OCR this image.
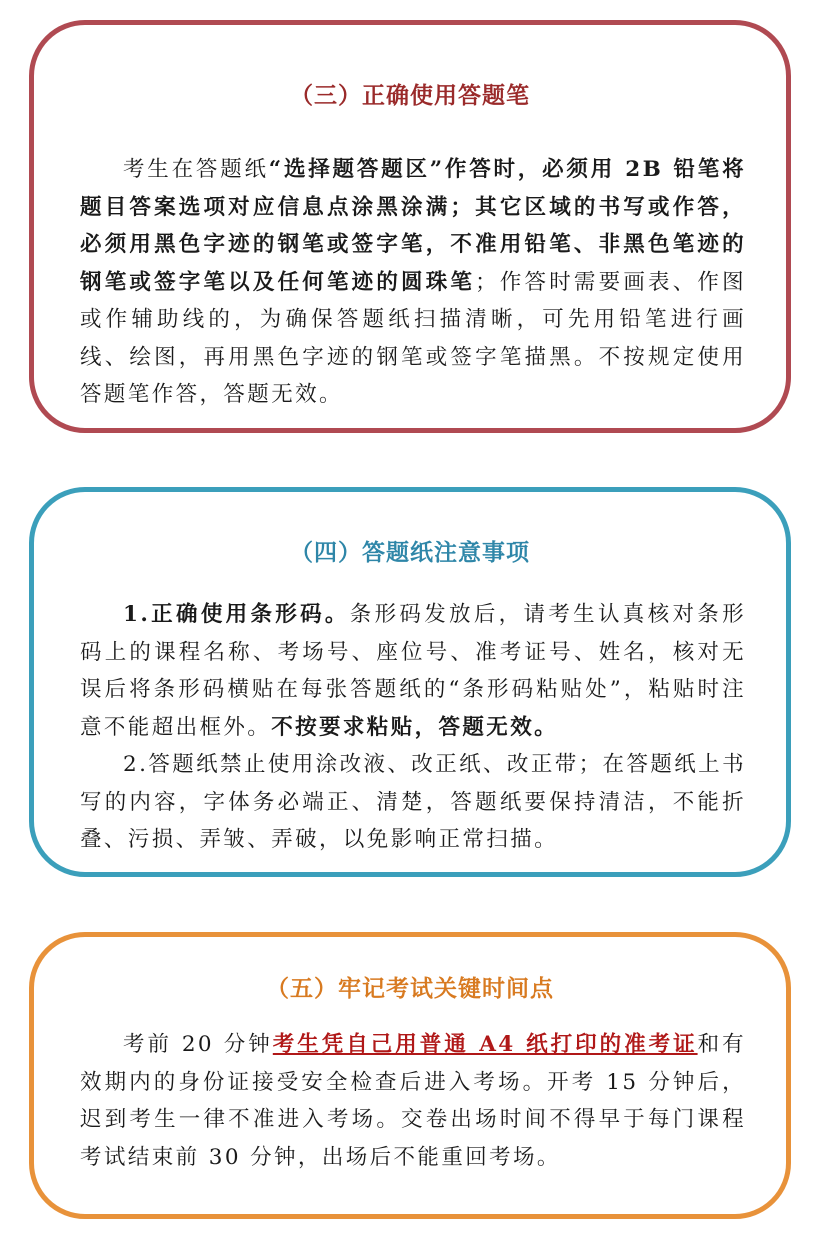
（三）正确使用答题笔

考生在答题纸“选择题答题区”作答时，必须用 2B 铅笔将题目答案选项对应信息点涂黑涂满；其它区域的书写或作答，必须用黑色字迹的钢笔或签字笔，不准用铅笔、非黑色笔迹的钢笔或签字笔以及任何笔迹的圆珠笔；作答时需要画表、作图或作辅助线的，为确保答题纸扫描清晰，可先用铅笔进行画线、绘图，再用黑色字迹的钢笔或签字笔描黑。不按规定使用答题笔作答，答题无效。

（四）答题纸注意事项

1.正确使用条形码。条形码发放后，请考生认真核对条形码上的课程名称、考场号、座位号、准考证号、姓名，核对无误后将条形码横贴在每张答题纸的“条形码粘贴处”，粘贴时注意不能超出框外。不按要求粘贴，答题无效。

2.答题纸禁止使用涂改液、改正纸、改正带；在答题纸上书写的内容，字体务必端正、清楚，答题纸要保持清洁，不能折叠、污损、弄皱、弄破，以免影响正常扫描。

（五）牢记考试关键时间点

考前 20 分钟考生凭自己用普通 A4 纸打印的准考证和有效期内的身份证接受安全检查后进入考场。开考 15 分钟后，迟到考生一律不准进入考场。交卷出场时间不得早于每门课程考试结束前 30 分钟，出场后不能重回考场。
